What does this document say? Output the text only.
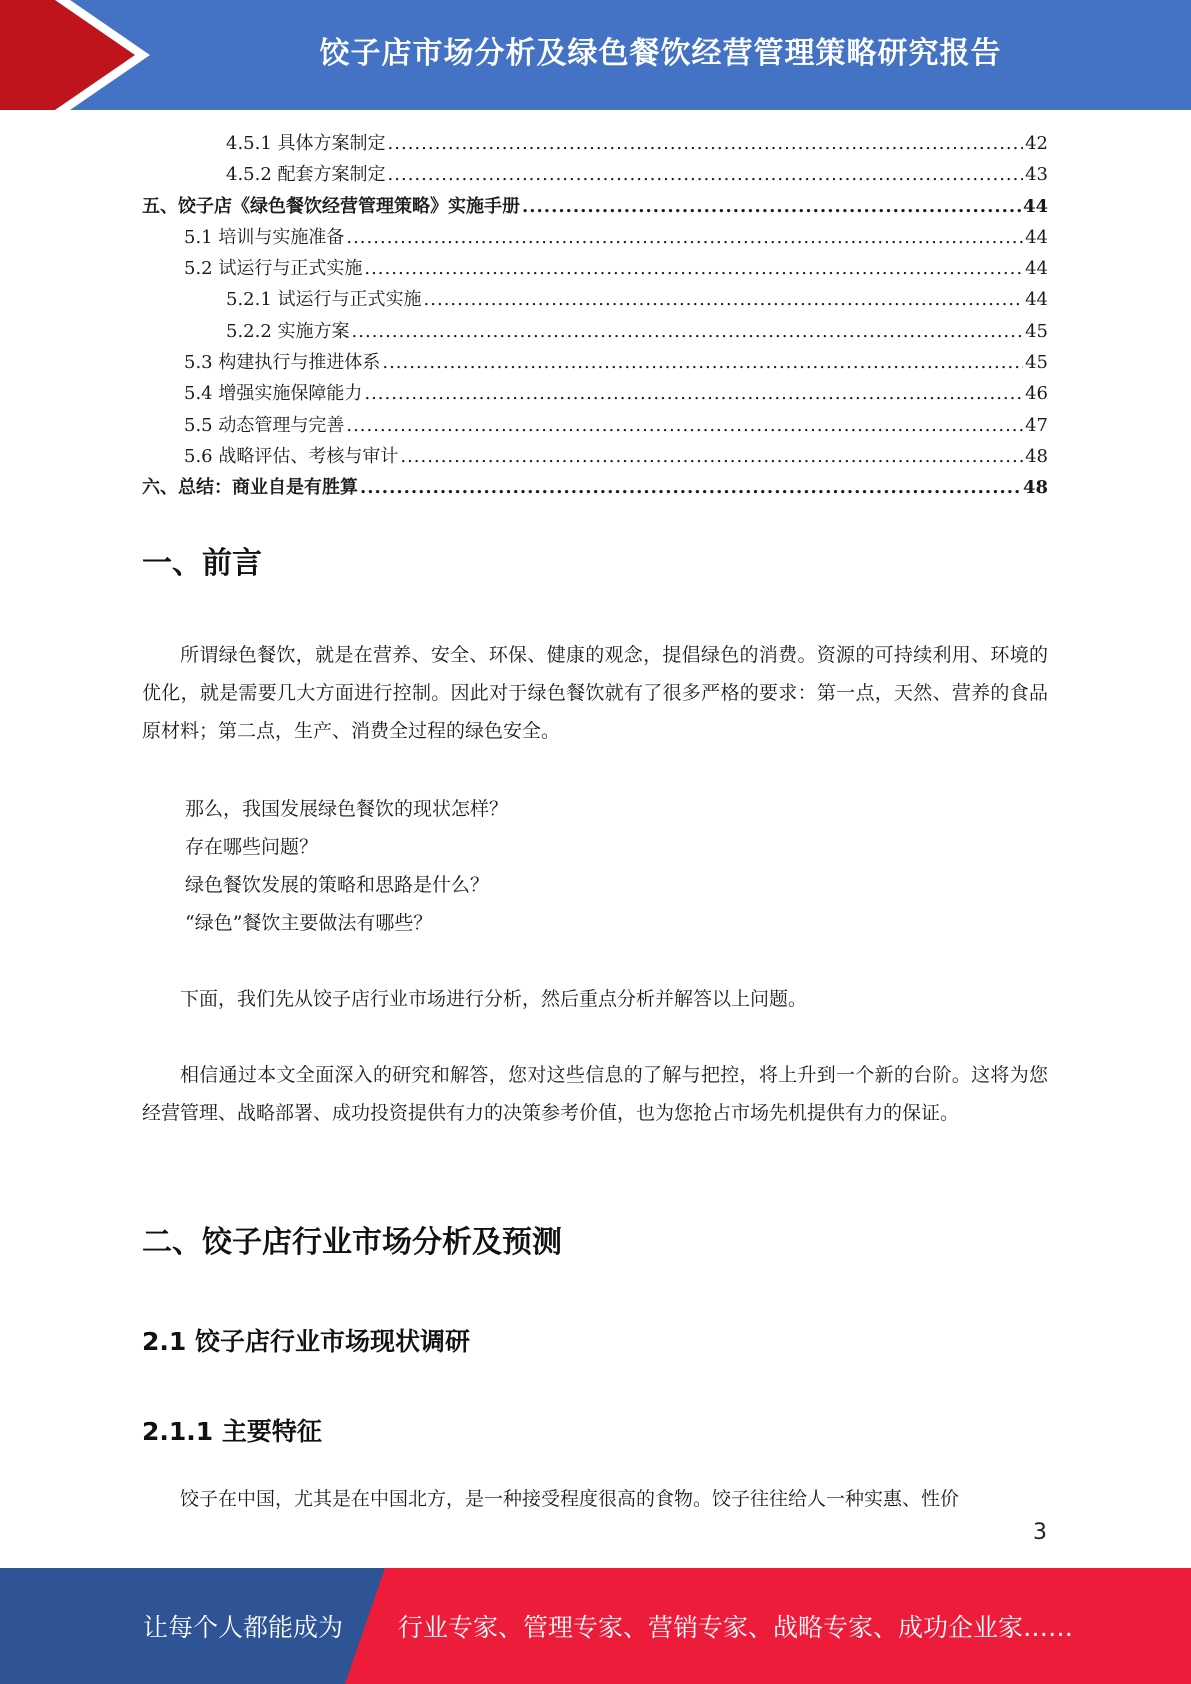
饺子店市场分析及绿色餐饮经营管理策略研究报告
4.5.1 具体方案制定 .....	42
4.5.2 配套方案制定 .....	43
五、饺子店《绿色餐饮经营管理策略》实施手册 .....	44
5.1 培训与实施准备 .....	44
5.2 试运行与正式实施 .....	44
5.2.1 试运行与正式实施 .....	44
5.2.2 实施方案 .....	45
5.3 构建执行与推进体系 .....	45
5.4 增强实施保障能力 .....	46
5.5 动态管理与完善 .....	47
5.6 战略评估、考核与审计 .....	48
六、总结：商业自是有胜算 .....	48
一、前言

所谓绿色餐饮，就是在营养、安全、环保、健康的观念，提倡绿色的消费。资源的可持续利用、环境的优化，就是需要几大方面进行控制。因此对于绿色餐饮就有了很多严格的要求：第一点，天然、营养的食品原材料；第二点，生产、消费全过程的绿色安全。

那么，我国发展绿色餐饮的现状怎样？
存在哪些问题？
绿色餐饮发展的策略和思路是什么？
“绿色”餐饮主要做法有哪些？

下面，我们先从饺子店行业市场进行分析，然后重点分析并解答以上问题。

相信通过本文全面深入的研究和解答，您对这些信息的了解与把控，将上升到一个新的台阶。这将为您经营管理、战略部署、成功投资提供有力的决策参考价值，也为您抢占市场先机提供有力的保证。

二、饺子店行业市场分析及预测
2.1 饺子店行业市场现状调研
2.1.1 主要特征

饺子在中国，尤其是在中国北方，是一种接受程度很高的食物。饺子往往给人一种实惠、性价

3
让每个人都能成为 行业专家、管理专家、营销专家、战略专家、成功企业家……
